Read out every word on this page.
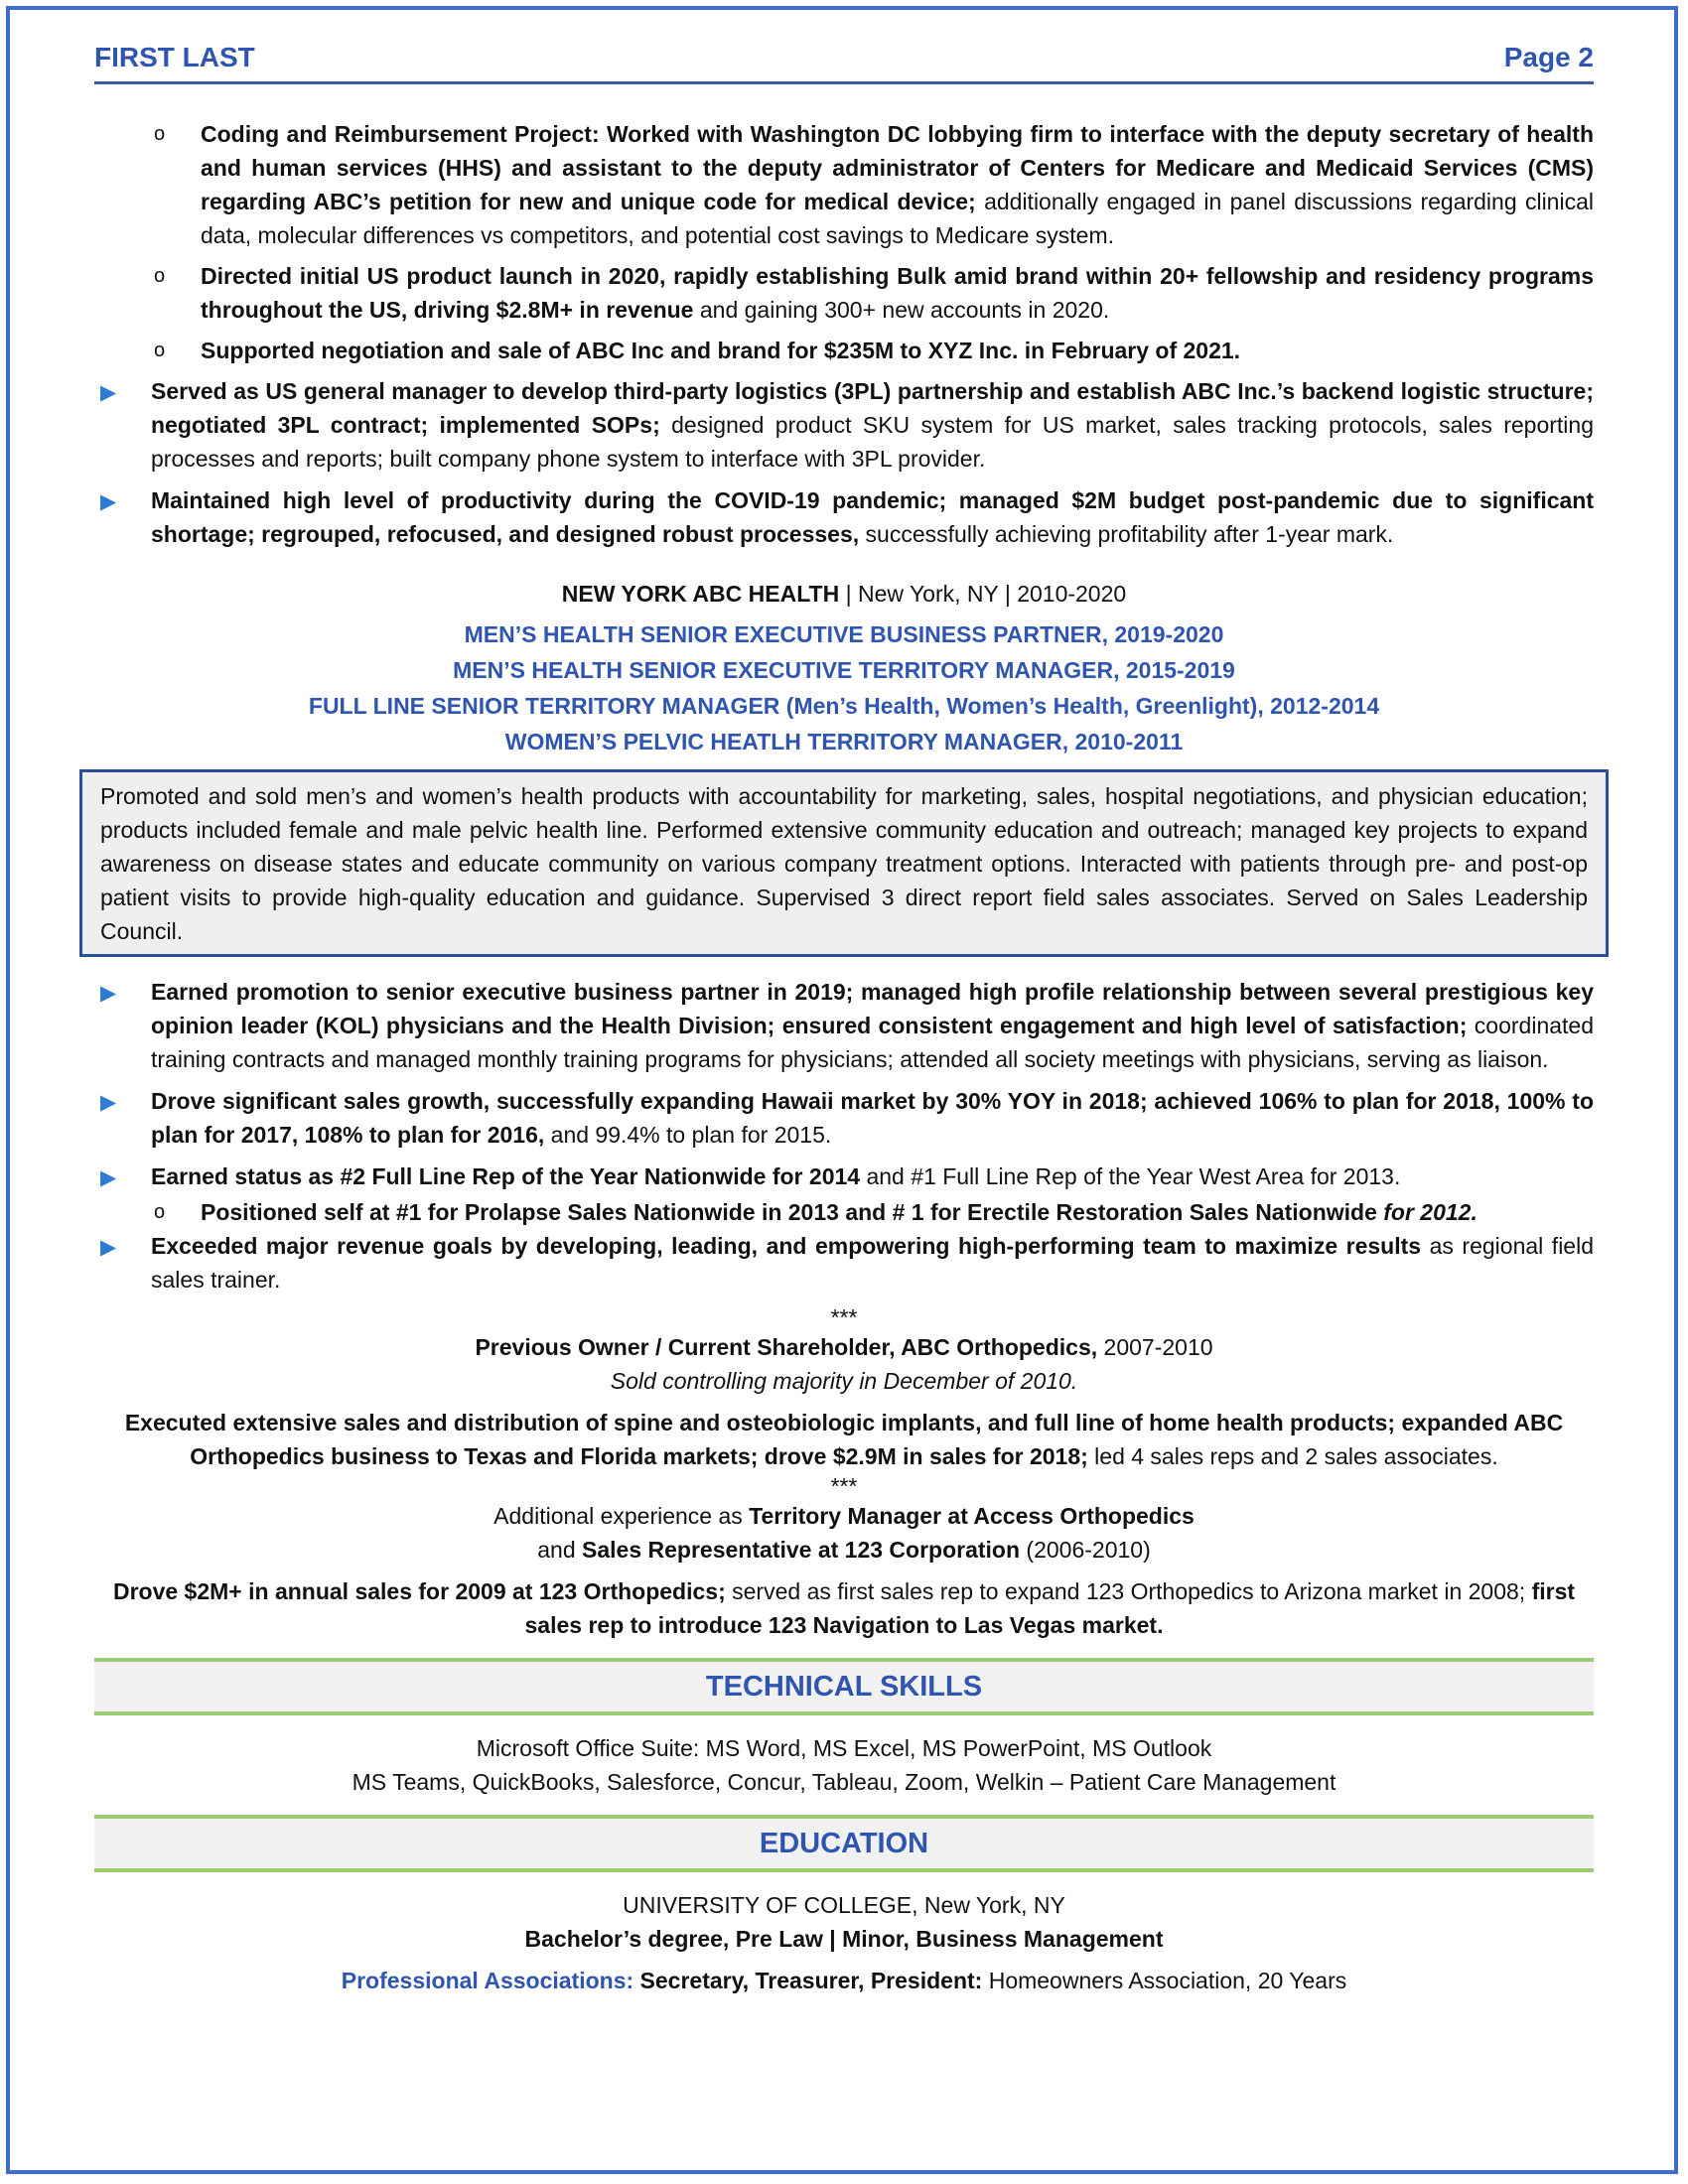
FIRST LAST	Page 2
o Coding and Reimbursement Project: Worked with Washington DC lobbying firm to interface with the deputy secretary of health and human services (HHS) and assistant to the deputy administrator of Centers for Medicare and Medicaid Services (CMS) regarding ABC’s petition for new and unique code for medical device; additionally engaged in panel discussions regarding clinical data, molecular differences vs competitors, and potential cost savings to Medicare system.
o Directed initial US product launch in 2020, rapidly establishing Bulk amid brand within 20+ fellowship and residency programs throughout the US, driving $2.8M+ in revenue and gaining 300+ new accounts in 2020.
o Supported negotiation and sale of ABC Inc and brand for $235M to XYZ Inc. in February of 2021.
▶ Served as US general manager to develop third-party logistics (3PL) partnership and establish ABC Inc.’s backend logistic structure; negotiated 3PL contract; implemented SOPs; designed product SKU system for US market, sales tracking protocols, sales reporting processes and reports; built company phone system to interface with 3PL provider.
▶ Maintained high level of productivity during the COVID-19 pandemic; managed $2M budget post-pandemic due to significant shortage; regrouped, refocused, and designed robust processes, successfully achieving profitability after 1-year mark.
NEW YORK ABC HEALTH | New York, NY | 2010-2020
MEN’S HEALTH SENIOR EXECUTIVE BUSINESS PARTNER, 2019-2020
MEN’S HEALTH SENIOR EXECUTIVE TERRITORY MANAGER, 2015-2019
FULL LINE SENIOR TERRITORY MANAGER (Men’s Health, Women’s Health, Greenlight), 2012-2014
WOMEN’S PELVIC HEATLH TERRITORY MANAGER, 2010-2011
Promoted and sold men’s and women’s health products with accountability for marketing, sales, hospital negotiations, and physician education; products included female and male pelvic health line. Performed extensive community education and outreach; managed key projects to expand awareness on disease states and educate community on various company treatment options. Interacted with patients through pre- and post-op patient visits to provide high-quality education and guidance. Supervised 3 direct report field sales associates. Served on Sales Leadership Council.
▶ Earned promotion to senior executive business partner in 2019; managed high profile relationship between several prestigious key opinion leader (KOL) physicians and the Health Division; ensured consistent engagement and high level of satisfaction; coordinated training contracts and managed monthly training programs for physicians; attended all society meetings with physicians, serving as liaison.
▶ Drove significant sales growth, successfully expanding Hawaii market by 30% YOY in 2018; achieved 106% to plan for 2018, 100% to plan for 2017, 108% to plan for 2016, and 99.4% to plan for 2015.
▶ Earned status as #2 Full Line Rep of the Year Nationwide for 2014 and #1 Full Line Rep of the Year West Area for 2013.
o Positioned self at #1 for Prolapse Sales Nationwide in 2013 and # 1 for Erectile Restoration Sales Nationwide for 2012.
▶ Exceeded major revenue goals by developing, leading, and empowering high-performing team to maximize results as regional field sales trainer.
***
Previous Owner / Current Shareholder, ABC Orthopedics, 2007-2010
Sold controlling majority in December of 2010.
Executed extensive sales and distribution of spine and osteobiologic implants, and full line of home health products; expanded ABC Orthopedics business to Texas and Florida markets; drove $2.9M in sales for 2018; led 4 sales reps and 2 sales associates.
***
Additional experience as Territory Manager at Access Orthopedics
and Sales Representative at 123 Corporation (2006-2010)
Drove $2M+ in annual sales for 2009 at 123 Orthopedics; served as first sales rep to expand 123 Orthopedics to Arizona market in 2008; first sales rep to introduce 123 Navigation to Las Vegas market.
TECHNICAL SKILLS
Microsoft Office Suite: MS Word, MS Excel, MS PowerPoint, MS Outlook
MS Teams, QuickBooks, Salesforce, Concur, Tableau, Zoom, Welkin – Patient Care Management
EDUCATION
UNIVERSITY OF COLLEGE, New York, NY
Bachelor’s degree, Pre Law | Minor, Business Management
Professional Associations: Secretary, Treasurer, President: Homeowners Association, 20 Years
